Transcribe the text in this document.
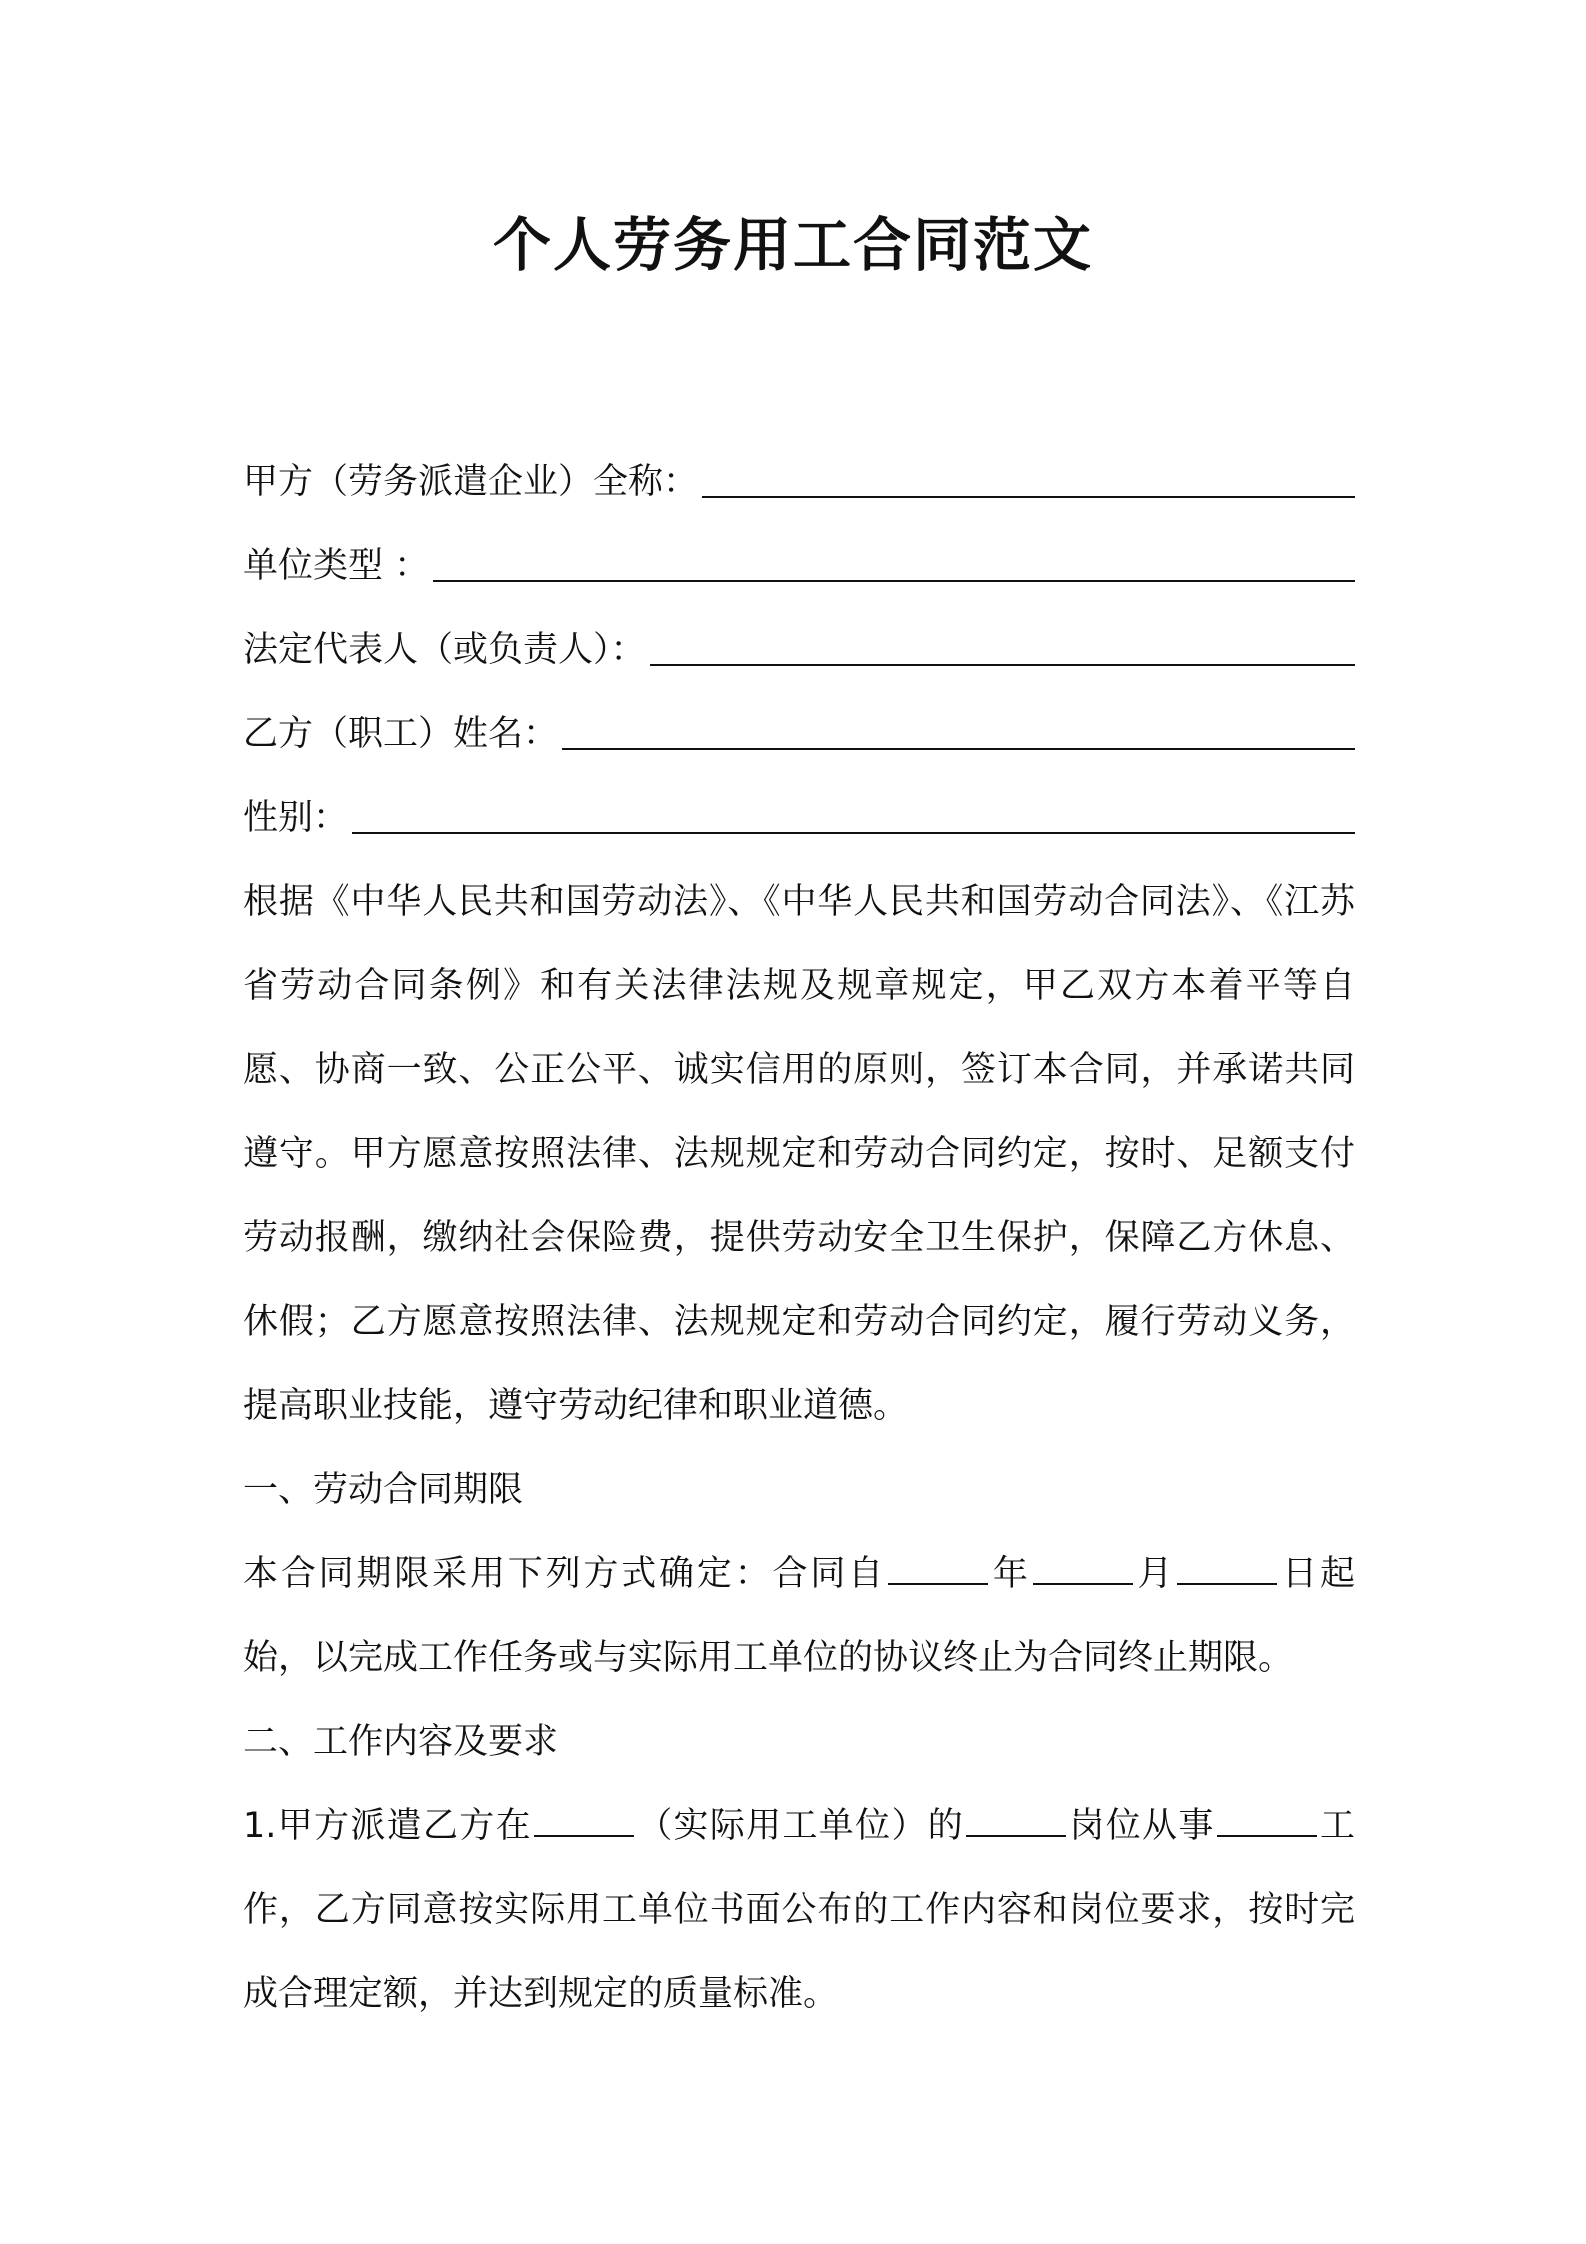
个人劳务用工合同范文
甲方（劳务派遣企业）全称：
单位类型 ：
法定代表人（或负责人）：
乙方（职工）姓名：
性别：

根据《中华人民共和国劳动法》、《中华人民共和国劳动合同法》、《江苏省劳动合同条例》和有关法律法规及规章规定，甲乙双方本着平等自愿、协商一致、公正公平、诚实信用的原则，签订本合同，并承诺共同遵守。甲方愿意按照法律、法规规定和劳动合同约定，按时、足额支付劳动报酬，缴纳社会保险费，提供劳动安全卫生保护，保障乙方休息、休假；乙方愿意按照法律、法规规定和劳动合同约定，履行劳动义务，提高职业技能，遵守劳动纪律和职业道德。

一、劳动合同期限

本合同期限采用下列方式确定：合同自	年	月	日起始，以完成工作任务或与实际用工单位的协议终止为合同终止期限。

二、工作内容及要求

1.甲方派遣乙方在	（实际用工单位）的	岗位从事	工作，乙方同意按实际用工单位书面公布的工作内容和岗位要求，按时完成合理定额，并达到规定的质量标准。
